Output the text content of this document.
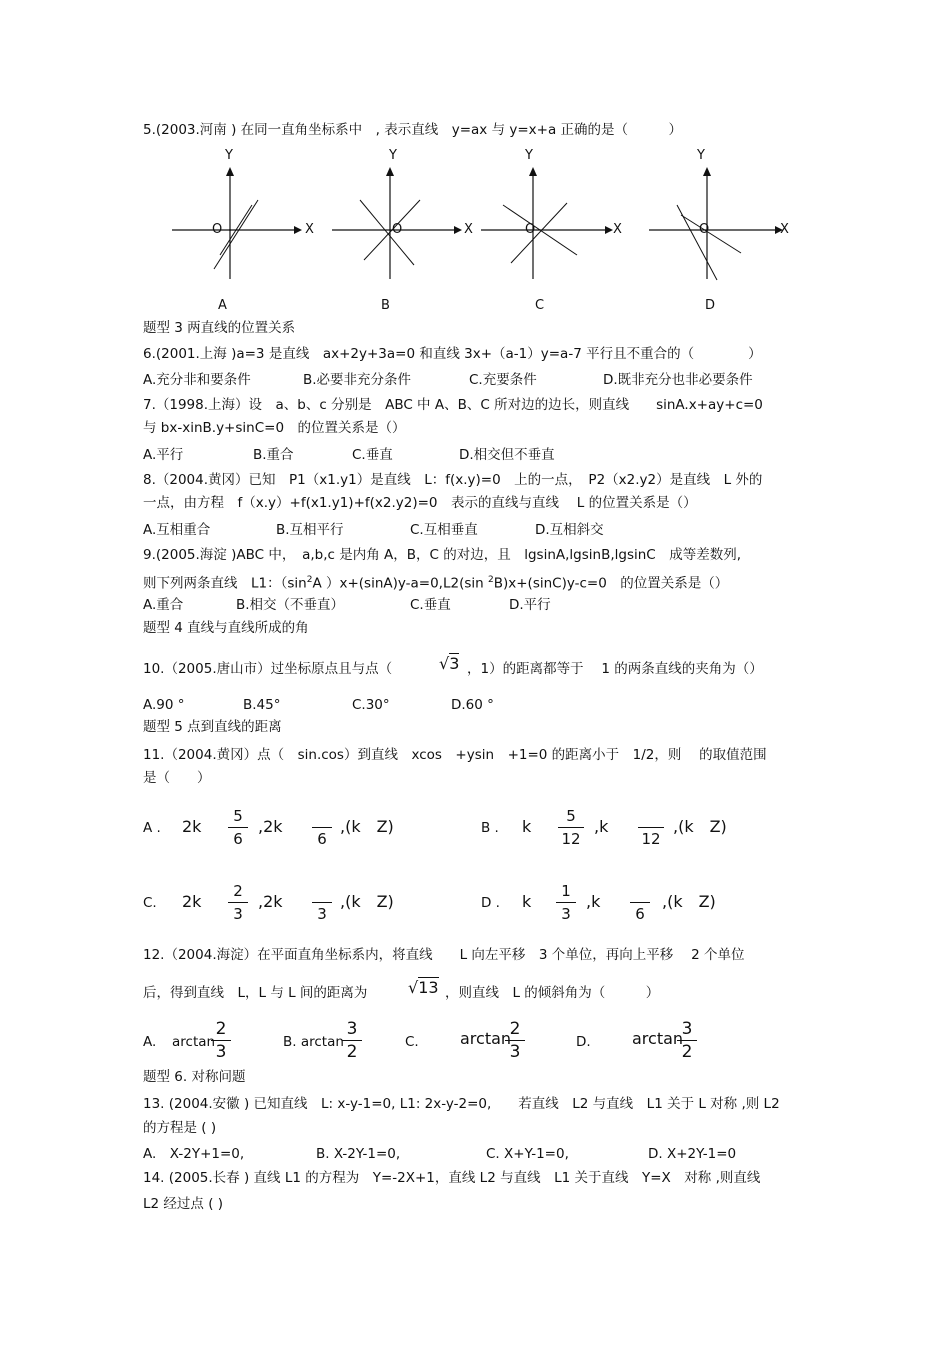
5.(2003.河南 ) 在同一直角坐标系中　, 表示直线　y=ax 与 y=x+a 正确的是（　　　）
Y
X
O
A
Y
X
O
B
Y
X
O
C
Y
X
O
D
题型 3 两直线的位置关系
6.(2001.上海 )a=3 是直线　ax+2y+3a=0 和直线 3x+（a-1）y=a-7 平行且不重合的（　　　　）
A.充分非和要条件	B.必要非充分条件	C.充要条件	D.既非充分也非必要条件
7.（1998.上海）设　a、b、c 分别是　ABC 中 A、B、C 所对边的边长，则直线　　sinA.x+ay+c=0
与 bx-xinB.y+sinC=0　的位置关系是（）
A.平行	B.重合	C.垂直	D.相交但不垂直
8.（2004.黄冈）已知　P1（x1.y1）是直线　L：f(x.y)=0　上的一点，　P2（x2.y2）是直线　L 外的
一点，由方程　f（x.y）+f(x1.y1)+f(x2.y2)=0　表示的直线与直线　 L 的位置关系是（）
A.互相重合	B.互相平行	C.互相垂直	D.互相斜交
9.(2005.海淀 )ABC 中，　a,b,c 是内角 A，B，C 的对边，且　lgsinA,lgsinB,lgsinC　成等差数列,
则下列两条直线　L1：（$\sin^2A$ ）x+(sinA)y-a=0,L2(sin $^2$B)x+(sinC)y-c=0　的位置关系是（）
A.重合	B.相交（不垂直）	C.垂直	D.平行
题型 4 直线与直线所成的角
10.（2005.唐山市）过坐标原点且与点（	√3 ，1）的距离都等于　 1 的两条直线的夹角为（）
A.90 °	B.45°	C.30°	D.60 °
题型 5 点到直线的距离
11.（2004.黄冈）点（　sin.cos）到直线　xcos　+ysin　+1=0 的距离小于　1/2，则　 的取值范围
是（　　）
A . 2k
5
6
,2k
6
,(k　Z)	B . k
5
12
,k
12
,(k　Z)
C. 2k
2
3
,2k
3
,(k　Z)	D . k
1
3
,k
6
,(k　Z)
12.（2004.海淀）在平面直角坐标系内，将直线　　L 向左平移　3 个单位，再向上平移　 2 个单位
后，得到直线　L，L 与 L 间的距离为	√13 ，则直线　L 的倾斜角为（　　　）
A. arctan
2
3	B. arctan
3
2	C.	arctan
2
3	D.	arctan
3
2
题型 6. 对称问题
13. (2004.安徽 ) 已知直线　L: x-y-1=0, L1: 2x-y-2=0,　　若直线　L2 与直线　L1 关于 L 对称 ,则 L2
的方程是 ( )
A.　X-2Y+1=0,	B. X-2Y-1=0,	C. X+Y-1=0,	D. X+2Y-1=0
14. (2005.长春 ) 直线 L1 的方程为　Y=-2X+1，直线 L2 与直线　L1 关于直线　Y=X　对称 ,则直线
L2 经过点 ( )
